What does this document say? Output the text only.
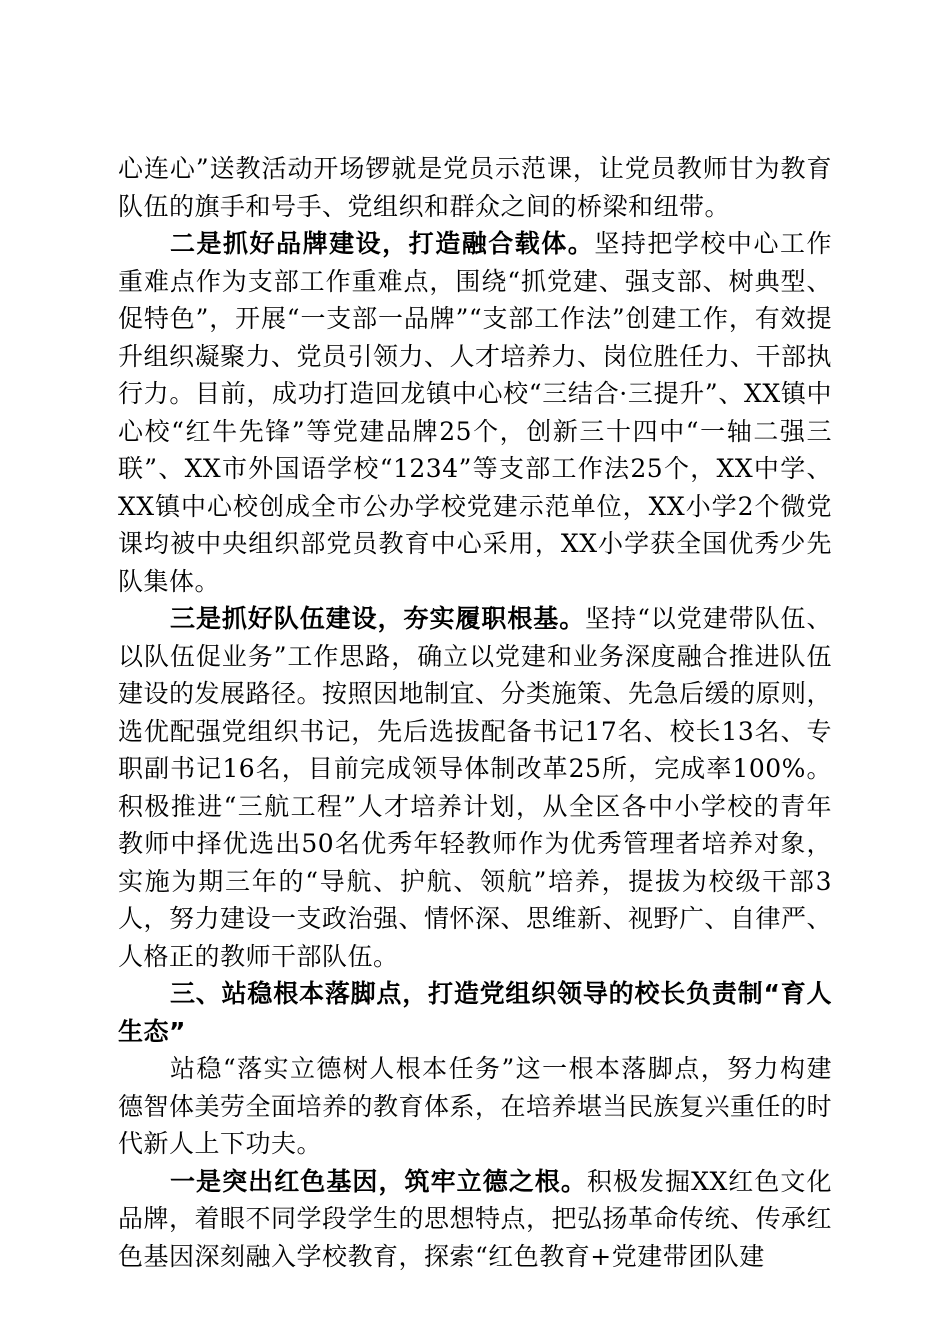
心连心”送教活动开场锣就是党员示范课，让党员教师甘为教育队伍的旗手和号手、党组织和群众之间的桥梁和纽带。

二是抓好品牌建设，打造融合载体。坚持把学校中心工作重难点作为支部工作重难点，围绕“抓党建、强支部、树典型、促特色”，开展“一支部一品牌”“支部工作法”创建工作，有效提升组织凝聚力、党员引领力、人才培养力、岗位胜任力、干部执行力。目前，成功打造回龙镇中心校“三结合·三提升”、XX镇中心校“红牛先锋”等党建品牌25个，创新三十四中“一轴二强三联”、XX市外国语学校“1234”等支部工作法25个，XX中学、XX镇中心校创成全市公办学校党建示范单位，XX小学2个微党课均被中央组织部党员教育中心采用，XX小学获全国优秀少先队集体。

三是抓好队伍建设，夯实履职根基。坚持“以党建带队伍、以队伍促业务”工作思路，确立以党建和业务深度融合推进队伍建设的发展路径。按照因地制宜、分类施策、先急后缓的原则，选优配强党组织书记，先后选拔配备书记17名、校长13名、专职副书记16名，目前完成领导体制改革25所，完成率100%。积极推进“三航工程”人才培养计划，从全区各中小学校的青年教师中择优选出50名优秀年轻教师作为优秀管理者培养对象，实施为期三年的“导航、护航、领航”培养，提拔为校级干部3人，努力建设一支政治强、情怀深、思维新、视野广、自律严、人格正的教师干部队伍。

三、站稳根本落脚点，打造党组织领导的校长负责制“育人生态”

站稳“落实立德树人根本任务”这一根本落脚点，努力构建德智体美劳全面培养的教育体系，在培养堪当民族复兴重任的时代新人上下功夫。

一是突出红色基因，筑牢立德之根。积极发掘XX红色文化品牌，着眼不同学段学生的思想特点，把弘扬革命传统、传承红色基因深刻融入学校教育，探索“红色教育+党建带团队建
